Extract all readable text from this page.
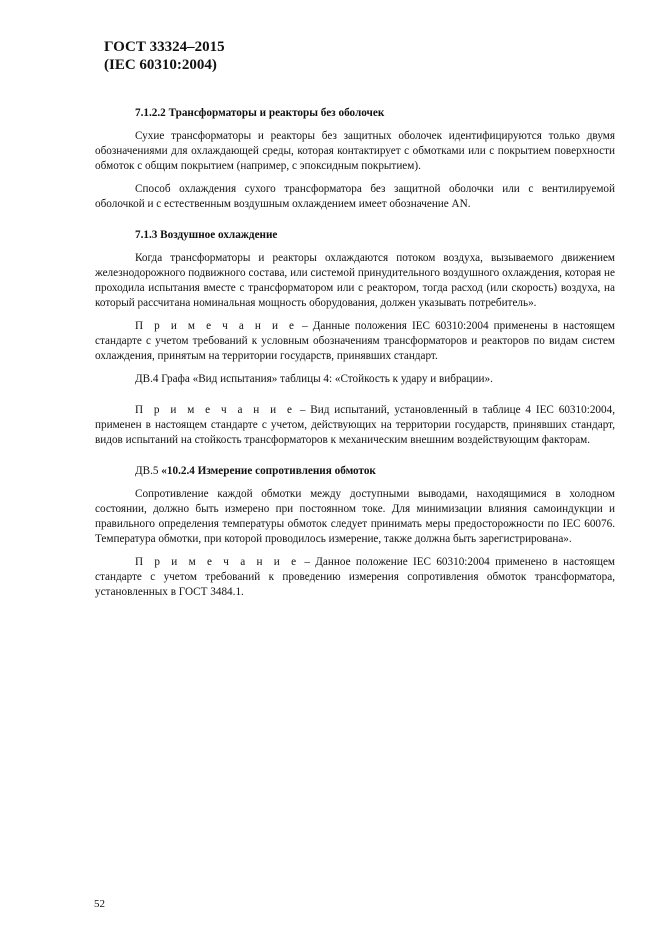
ГОСТ 33324–2015
(IEC 60310:2004)
7.1.2.2 Трансформаторы и реакторы без оболочек

Сухие трансформаторы и реакторы без защитных оболочек идентифицируются только двумя обозначениями для охлаждающей среды, которая контактирует с обмотками или с покрытием поверхности обмоток с общим покрытием (например, с эпоксидным покрытием).

Способ охлаждения сухого трансформатора без защитной оболочки или с вентилируемой оболочкой и с естественным воздушным охлаждением имеет обозначение AN.

7.1.3 Воздушное охлаждение

Когда трансформаторы и реакторы охлаждаются потоком воздуха, вызываемого движением железнодорожного подвижного состава, или системой принудительного воздушного охлаждения, которая не проходила испытания вместе с трансформатором или с реактором, тогда расход (или скорость) воздуха, на который рассчитана номинальная мощность оборудования, должен указывать потребитель».

П р и м е ч а н и е – Данные положения IEC 60310:2004 применены в настоящем стандарте с учетом требований к условным обозначениям трансформаторов и реакторов по видам систем охлаждения, принятым на территории государств, принявших стандарт.

ДВ.4 Графа «Вид испытания» таблицы 4: «Стойкость к удару и вибрации».

П р и м е ч а н и е – Вид испытаний, установленный в таблице 4 IEC 60310:2004, применен в настоящем стандарте с учетом, действующих на территории государств, принявших стандарт, видов испытаний на стойкость трансформаторов к механическим внешним воздействующим факторам.

ДВ.5 «10.2.4 Измерение сопротивления обмоток

Сопротивление каждой обмотки между доступными выводами, находящимися в холодном состоянии, должно быть измерено при постоянном токе. Для минимизации влияния самоиндукции и правильного определения температуры обмоток следует принимать меры предосторожности по IEC 60076. Температура обмотки, при которой проводилось измерение, также должна быть зарегистрирована».

П р и м е ч а н и е – Данное положение IEC 60310:2004 применено в настоящем стандарте с учетом требований к проведению измерения сопротивления обмоток трансформатора, установленных в ГОСТ 3484.1.

52
